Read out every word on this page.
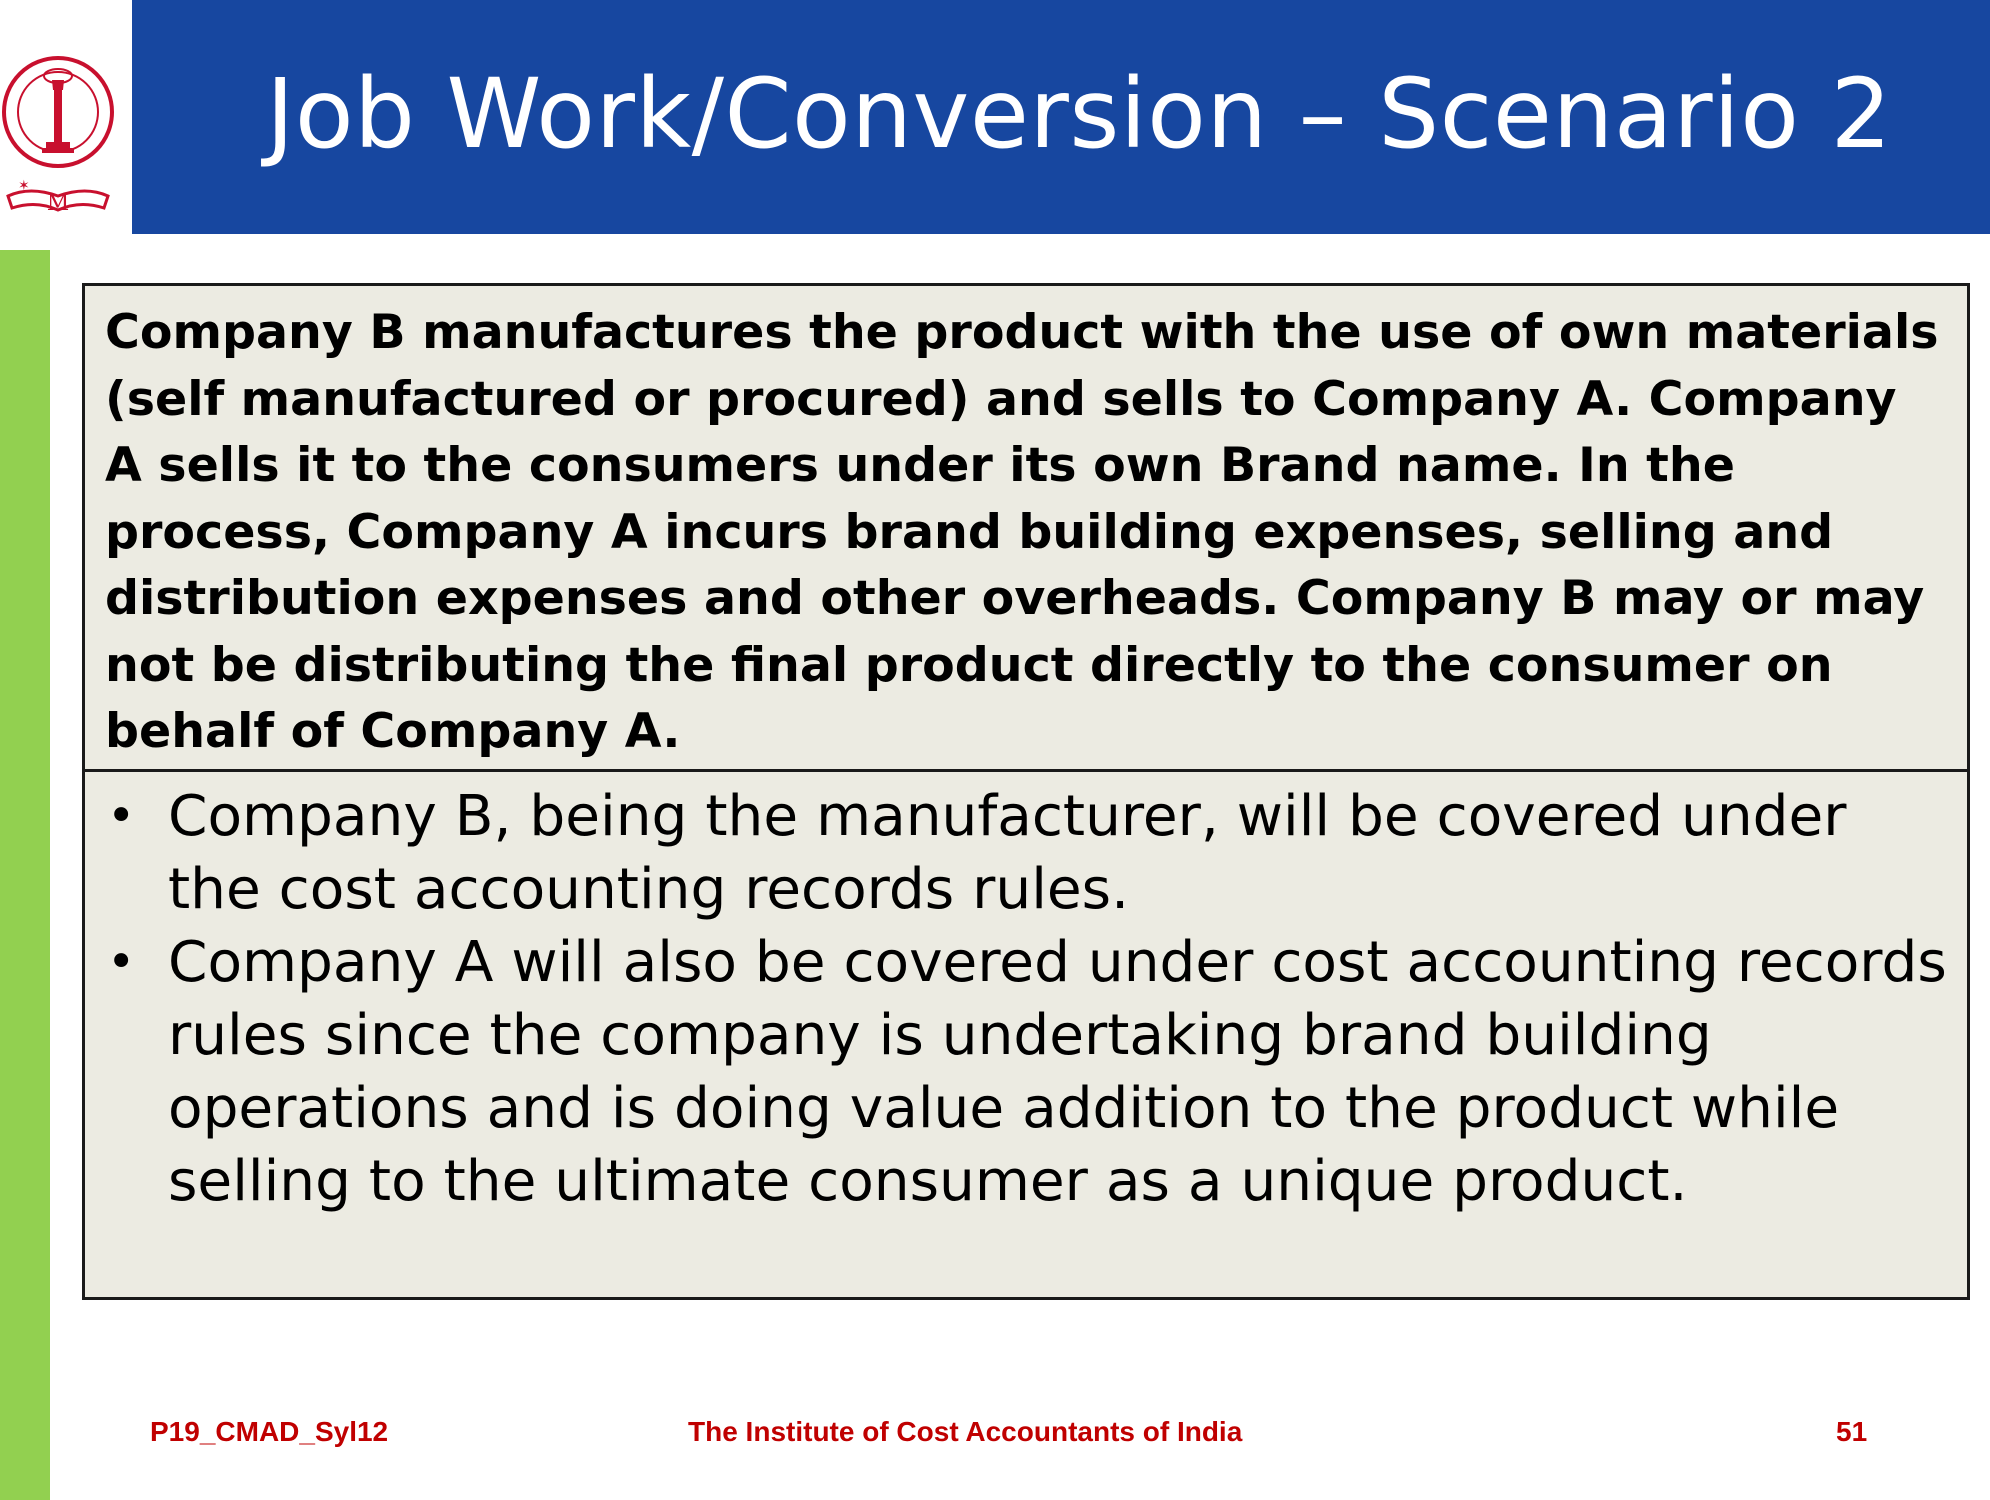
M
✶
Job Work/Conversion – Scenario 2
Company B manufactures the product with the use of own materials (self manufactured or procured) and sells to Company A. Company A sells it to the consumers under its own Brand name. In the process, Company A incurs brand building expenses, selling and distribution expenses and other overheads. Company B may or may not be distributing the final product directly to the consumer on behalf of Company A.
• Company B, being the manufacturer, will be covered under the cost accounting records rules.
• Company A will also be covered under cost accounting records rules since the company is undertaking brand building operations and is doing value addition to the product while selling to the ultimate consumer as a unique product.
P19_CMAD_Syl12	The Institute of Cost Accountants of India	51
